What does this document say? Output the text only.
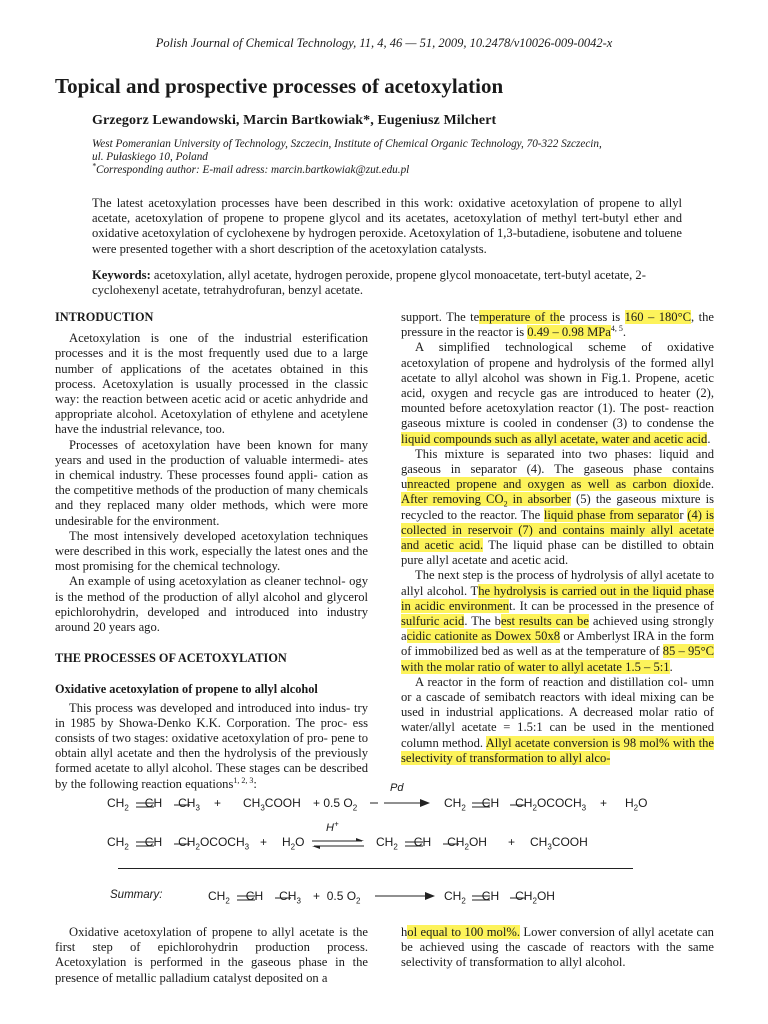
Polish Journal of Chemical Technology, 11, 4, 46 — 51, 2009, 10.2478/v10026-009-0042-x
Topical and prospective processes of acetoxylation
Grzegorz Lewandowski, Marcin Bartkowiak*, Eugeniusz Milchert
West Pomeranian University of Technology, Szczecin, Institute of Chemical Organic Technology, 70-322 Szczecin,
ul. Pułaskiego 10, Poland
*Corresponding author: E-mail adress: marcin.bartkowiak@zut.edu.pl
The latest acetoxylation processes have been described in this work: oxidative acetoxylation of propene to allyl acetate, acetoxylation of propene to propene glycol and its acetates, acetoxylation of methyl tert-butyl ether and oxidative acetoxylation of cyclohexene by hydrogen peroxide. Acetoxylation of 1,3-butadiene, isobutene and toluene were presented together with a short description of the acetoxylation catalysts.
Keywords: acetoxylation, allyl acetate, hydrogen peroxide, propene glycol monoacetate, tert-butyl acetate, 2-cyclohexenyl acetate, tetrahydrofuran, benzyl acetate.
INTRODUCTION

Acetoxylation is one of the industrial esterification processes and it is the most frequently used due to a large number of applications of the acetates obtained in this process. Acetoxylation is usually processed in the classic way: the reaction between acetic acid or acetic anhydride and appropriate alcohol. Acetoxylation of ethylene and acetylene have the industrial relevance, too.

Processes of acetoxylation have been known for many years and used in the production of valuable intermedi- ates in chemical industry. These processes found appli- cation as the competitive methods of the production of many chemicals and they replaced many older methods, which were more undesirable for the environment.

The most intensively developed acetoxylation techniques were described in this work, especially the latest ones and the most promising for the chemical technology.

An example of using acetoxylation as cleaner technol- ogy is the method of the production of allyl alcohol and glycerol epichlorohydrin, developed and introduced into industry around 20 years ago.

THE PROCESSES OF ACETOXYLATION
Oxidative acetoxylation of propene to allyl alcohol

This process was developed and introduced into indus- try in 1985 by Showa-Denko K.K. Corporation. The proc- ess consists of two stages: oxidative acetoxylation of pro- pene to obtain allyl acetate and then the hydrolysis of the previously formed acetate to allyl alcohol. These stages can be described by the following reaction equations$^{1, 2, 3}$:

Oxidative acetoxylation of propene to allyl acetate is the first step of epichlorohydrin production process. Acetoxylation is performed in the gaseous phase in the presence of metallic palladium catalyst deposited on a

support. The temperature of the process is 160 – 180°C, the pressure in the reactor is 0.49 – 0.98 MPa$^{4, 5}$.

A simplified technological scheme of oxidative acetoxylation of propene and hydrolysis of the formed allyl acetate to allyl alcohol was shown in Fig.1. Propene, acetic acid, oxygen and recycle gas are introduced to heater (2), mounted before acetoxylation reactor (1). The post- reaction gaseous mixture is cooled in condenser (3) to condense the liquid compounds such as allyl acetate, water and acetic acid.

This mixture is separated into two phases: liquid and gaseous in separator (4). The gaseous phase contains unreacted propene and oxygen as well as carbon dioxide. After removing $CO_2$ in absorber (5) the gaseous mixture is recycled to the reactor. The liquid phase from separator (4) is collected in reservoir (7) and contains mainly allyl acetate and acetic acid. The liquid phase can be distilled to obtain pure allyl acetate and acetic acid.

The next step is the process of hydrolysis of allyl acetate to allyl alcohol. The hydrolysis is carried out in the liquid phase in acidic environment. It can be processed in the presence of sulfuric acid. The best results can be achieved using strongly acidic cationite as Dowex 50x8 or Amberlyst IRA in the form of immobilized bed as well as at the temperature of 85 – 95°C with the molar ratio of water to allyl acetate 1.5 – 5:1.

A reactor in the form of reaction and distillation col- umn or a cascade of semibatch reactors with ideal mixing can be used in industrial applications. A decreased molar ratio of water/allyl acetate = 1.5:1 can be used in the mentioned column method. Allyl acetate conversion is 98 mol% with the selectivity of transformation to allyl alco-

hol equal to 100 mol%. Lower conversion of allyl acetate can be achieved using the cascade of reactors with the same selectivity of transformation to allyl alcohol.

$CH_2$ CH $CH_3$ + $CH_3COOH + 0.5$ $O_2$
Pd
→ $CH_2$ CH $CH_2OCOCH_3 + H_2O$
$CH_2$ CH $CH_2OCOCH_3 + H_2O$
H+
⇌ $CH_2$ CH $CH_2OH$ + $CH_3COOH$
Summary:	$CH_2$ CH $CH_3 + 0.5$ $O_2 \to CH_2$ CH $CH_2OH$
